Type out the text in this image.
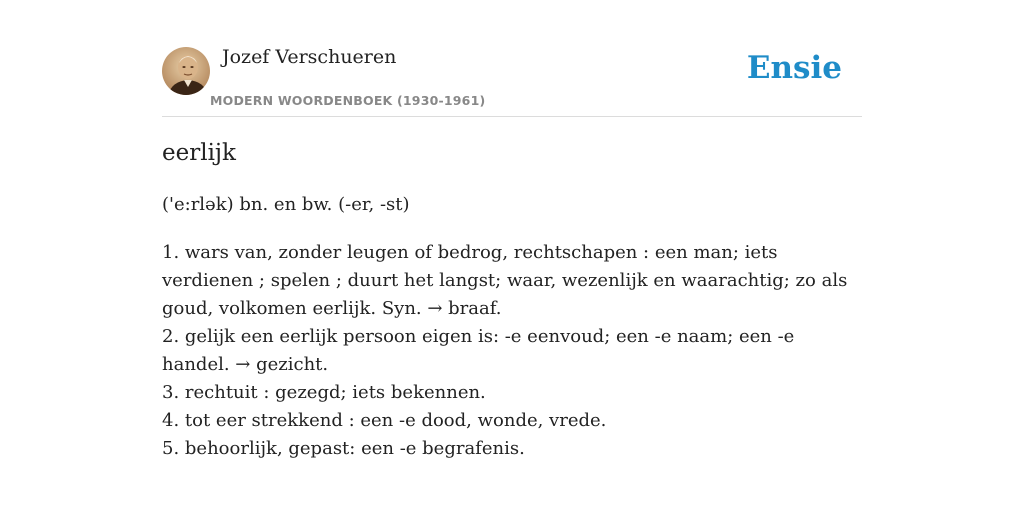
Jozef Verschueren
MODERN WOORDENBOEK (1930-1961)
Ensie
eerlijk
('e:rlək) bn. en bw. (-er, -st)
1. wars van, zonder leugen of bedrog, rechtschapen : een man; iets verdienen ; spelen ; duurt het langst; waar, wezenlijk en waarachtig; zo als goud, volkomen eerlijk. Syn. → braaf.
2. gelijk een eerlijk persoon eigen is: -e eenvoud; een -e naam; een -e handel. → gezicht.
3. rechtuit : gezegd; iets bekennen.
4. tot eer strekkend : een -e dood, wonde, vrede.
5. behoorlijk, gepast: een -e begrafenis.
